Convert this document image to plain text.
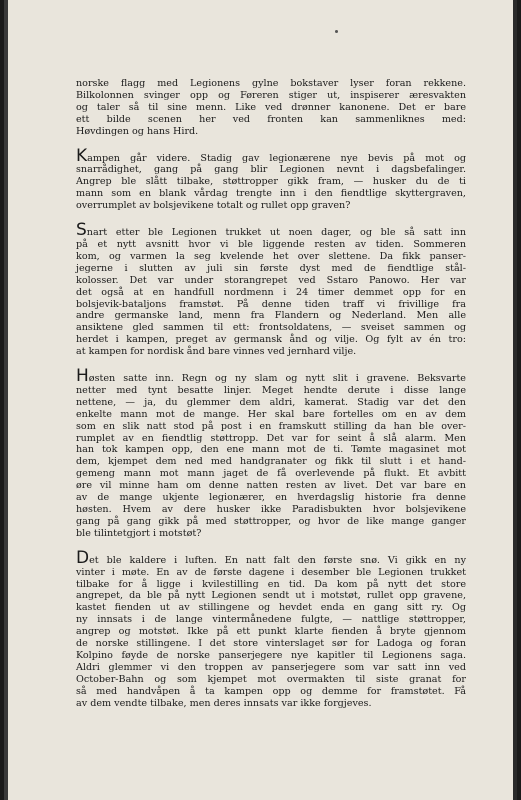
norske flagg med Legionens gylne bokstaver lyser foran rekkene.
Bilkolonnen svinger opp og Føreren stiger ut, inspiserer æresvakten
og taler så til sine menn. Like ved drønner kanonene. Det er bare
ett bilde scenen her ved fronten kan sammenliknes med:
Høvdingen og hans Hird.
Kampen går videre. Stadig gav legionærene nye bevis på mot og
snarrådighet, gang på gang blir Legionen nevnt i dagsbefalinger.
Angrep ble slått tilbake, støttropper gikk fram, — husker du de ti
mann som en blank vårdag trengte inn i den fiendtlige skyttergraven,
overrumplet av bolsjevikene totalt og rullet opp graven?
Snart etter ble Legionen trukket ut noen dager, og ble så satt inn
på et nytt avsnitt hvor vi ble liggende resten av tiden. Sommeren
kom, og varmen la seg kvelende het over slettene. Da fikk panser-
jegerne i slutten av juli sin første dyst med de fiendtlige stål-
kolosser. Det var under storangrepet ved Sstaro Panowo. Her var
det også at en handfull nordmenn i 24 timer demmet opp for en
bolsjevik-bataljons framstøt. På denne tiden traff vi frivillige fra
andre germanske land, menn fra Flandern og Nederland. Men alle
ansiktene gled sammen til ett: frontsoldatens, — sveiset sammen og
herdet i kampen, preget av germansk ånd og vilje. Og fylt av én tro:
at kampen for nordisk ånd bare vinnes ved jernhard vilje.
Høsten satte inn. Regn og ny slam og nytt slit i gravene. Beksvarte
netter med tynt besatte linjer. Meget hendte derute i disse lange
nettene, — ja, du glemmer dem aldri, kamerat. Stadig var det den
enkelte mann mot de mange. Her skal bare fortelles om en av dem
som en slik natt stod på post i en framskutt stilling da han ble over-
rumplet av en fiendtlig støttropp. Det var for seint å slå alarm. Men
han tok kampen opp, den ene mann mot de ti. Tømte magasinet mot
dem, kjempet dem ned med handgranater og fikk til slutt i et hand-
gemeng mann mot mann jaget de få overlevende på flukt. Et avbitt
øre vil minne ham om denne natten resten av livet. Det var bare en
av de mange ukjente legionærer, en hverdagslig historie fra denne
høsten. Hvem av dere husker ikke Paradisbukten hvor bolsjevikene
gang på gang gikk på med støttropper, og hvor de like mange ganger
ble tilintetgjort i motstøt?
Det ble kaldere i luften. En natt falt den første snø. Vi gikk en ny
vinter i møte. En av de første dagene i desember ble Legionen trukket
tilbake for å ligge i kvilestilling en tid. Da kom på nytt det store
angrepet, da ble på nytt Legionen sendt ut i motstøt, rullet opp gravene,
kastet fienden ut av stillingene og hevdet enda en gang sitt ry. Og
ny innsats i de lange vintermånedene fulgte, — nattlige støttropper,
angrep og motstøt. Ikke på ett punkt klarte fienden å bryte gjennom
de norske stillingene. I det store vinterslaget sør for Ladoga og foran
Kolpino føyde de norske panserjegere nye kapitler til Legionens saga.
Aldri glemmer vi den troppen av panserjegere som var satt inn ved
October-Bahn og som kjempet mot overmakten til siste granat for
så med handvåpen å ta kampen opp og demme for framstøtet. Få
av dem vendte tilbake, men deres innsats var ikke forgjeves.
